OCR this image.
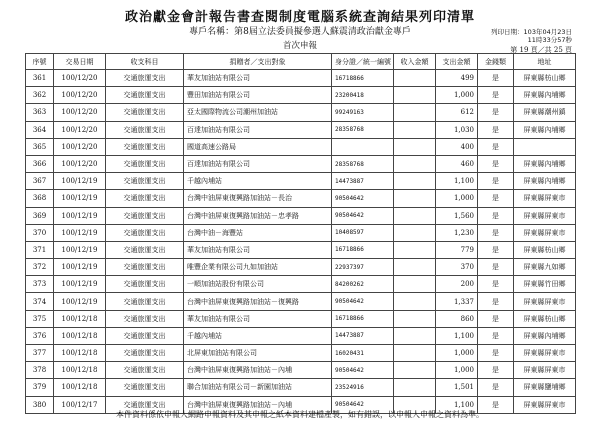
政治獻金會計報告書查閱制度電腦系統查詢結果列印清單
專戶名稱：第8屆立法委員擬參選人蘇震清政治獻金專戶
首次申報
列印日期：103年04月23日
11時33分57秒
第 19 頁／共 25 頁
序號	交易日期	收支科目	捐贈者／支出對象	身分證／統一編號	收入金額	支出金額	金錢類	地址
361	100/12/20	交通旅運支出	華友加油站有限公司	16718866		499	是	屏東縣枋山鄉
362	100/12/20	交通旅運支出	豐田加油站有限公司	23200418		1,000	是	屏東縣內埔鄉
363	100/12/20	交通旅運支出	亞太國際物流公司潮州加油站	99249163		612	是	屏東縣潮州鎮
364	100/12/20	交通旅運支出	百達加油站有限公司	28358768		1,030	是	屏東縣內埔鄉
365	100/12/20	交通旅運支出	國道高速公路局			400	是	
366	100/12/20	交通旅運支出	百達加油站有限公司	28358768		460	是	屏東縣內埔鄉
367	100/12/19	交通旅運支出	千越內埔站	14473887		1,100	是	屏東縣內埔鄉
368	100/12/19	交通旅運支出	台灣中油屏東復興路加油站－長治	90504642		1,000	是	屏東縣屏東市
369	100/12/19	交通旅運支出	台灣中油屏東復興路加油站－忠孝路	90504642		1,560	是	屏東縣屏東市
370	100/12/19	交通旅運支出	台灣中油－海豐站	10408597		1,230	是	屏東縣屏東市
371	100/12/19	交通旅運支出	華友加油站有限公司	16718866		779	是	屏東縣枋山鄉
372	100/12/19	交通旅運支出	唯豐企業有限公司九如加油站	22937397		370	是	屏東縣九如鄉
373	100/12/19	交通旅運支出	一順加油站股份有限公司	84200262		200	是	屏東縣竹田鄉
374	100/12/19	交通旅運支出	台灣中油屏東復興路加油站－復興路	90504642		1,337	是	屏東縣屏東市
375	100/12/18	交通旅運支出	華友加油站有限公司	16718866		860	是	屏東縣枋山鄉
376	100/12/18	交通旅運支出	千越內埔站	14473887		1,100	是	屏東縣內埔鄉
377	100/12/18	交通旅運支出	北屏東加油站有限公司	16020431		1,000	是	屏東縣屏東市
378	100/12/18	交通旅運支出	台灣中油屏東復興路加油站－內埔	90504642		1,000	是	屏東縣屏東市
379	100/12/18	交通旅運支出	聯合加油站有限公司－新園加油站	23524916		1,501	是	屏東縣鹽埔鄉
380	100/12/17	交通旅運支出	台灣中油屏東復興路加油站－內埔	90504642		1,100	是	屏東縣屏東市
本件資料係依申報人網路申報資料及其申報之紙本資料建檔產製，如有錯誤，以申報人申報之資料為準。
